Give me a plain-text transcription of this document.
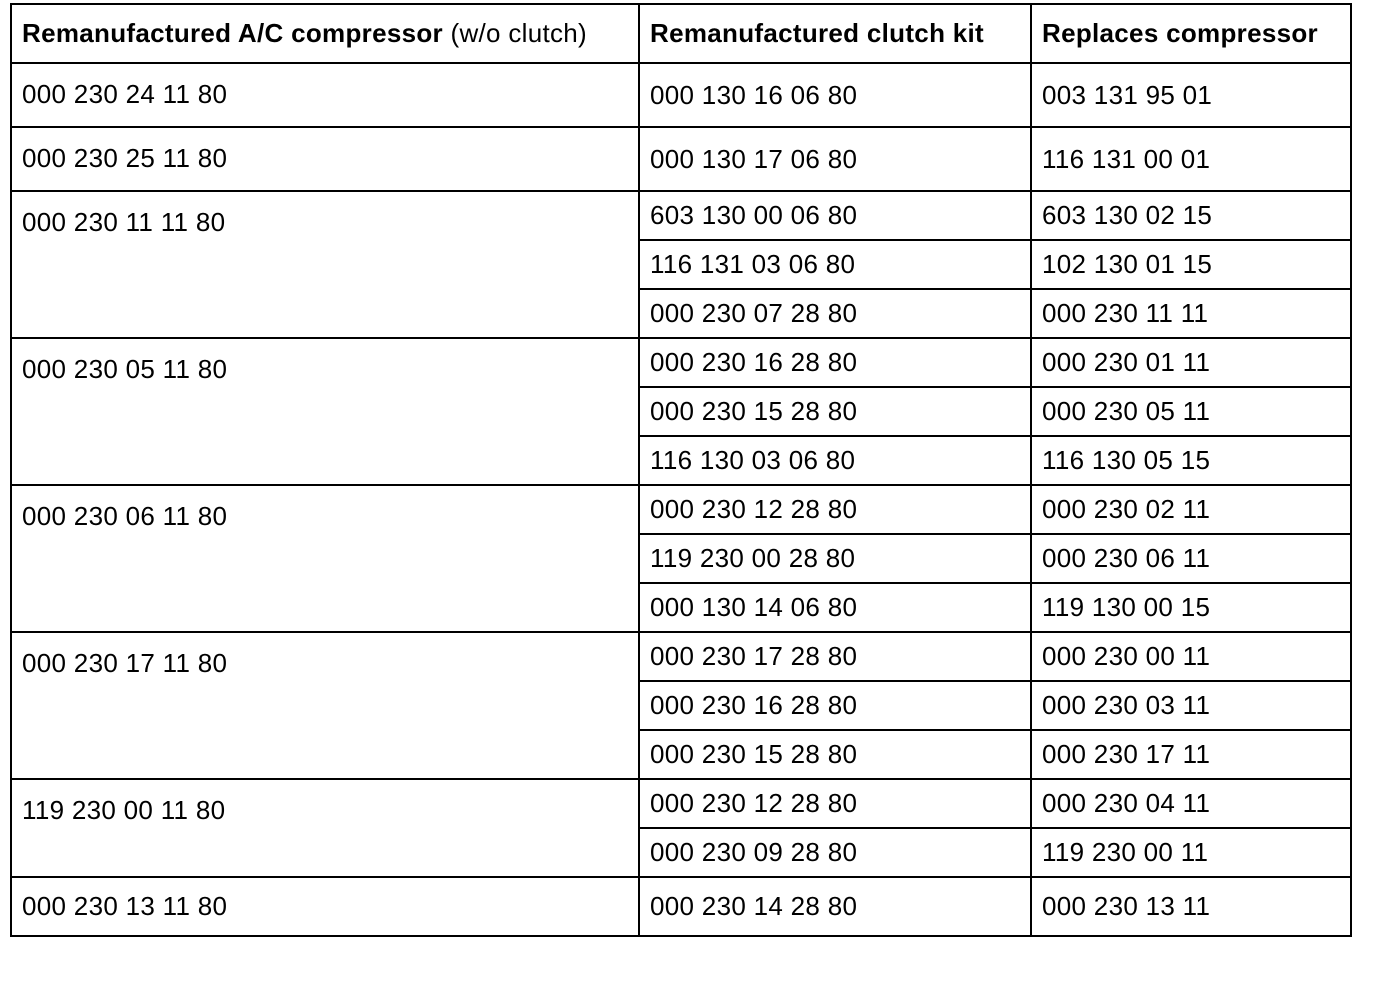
Remanufactured A/C compressor (w/o clutch)	Remanufactured clutch kit	Replaces compressor
000 230 24 11 80	000 130 16 06 80	003 131 95 01
000 230 25 11 80	000 130 17 06 80	116 131 00 01
000 230 11 11 80	603 130 00 06 80	603 130 02 15
	116 131 03 06 80	102 130 01 15
	000 230 07 28 80	000 230 11 11
000 230 05 11 80	000 230 16 28 80	000 230 01 11
	000 230 15 28 80	000 230 05 11
	116 130 03 06 80	116 130 05 15
000 230 06 11 80	000 230 12 28 80	000 230 02 11
	119 230 00 28 80	000 230 06 11
	000 130 14 06 80	119 130 00 15
000 230 17 11 80	000 230 17 28 80	000 230 00 11
	000 230 16 28 80	000 230 03 11
	000 230 15 28 80	000 230 17 11
119 230 00 11 80	000 230 12 28 80	000 230 04 11
	000 230 09 28 80	119 230 00 11
000 230 13 11 80	000 230 14 28 80	000 230 13 11
